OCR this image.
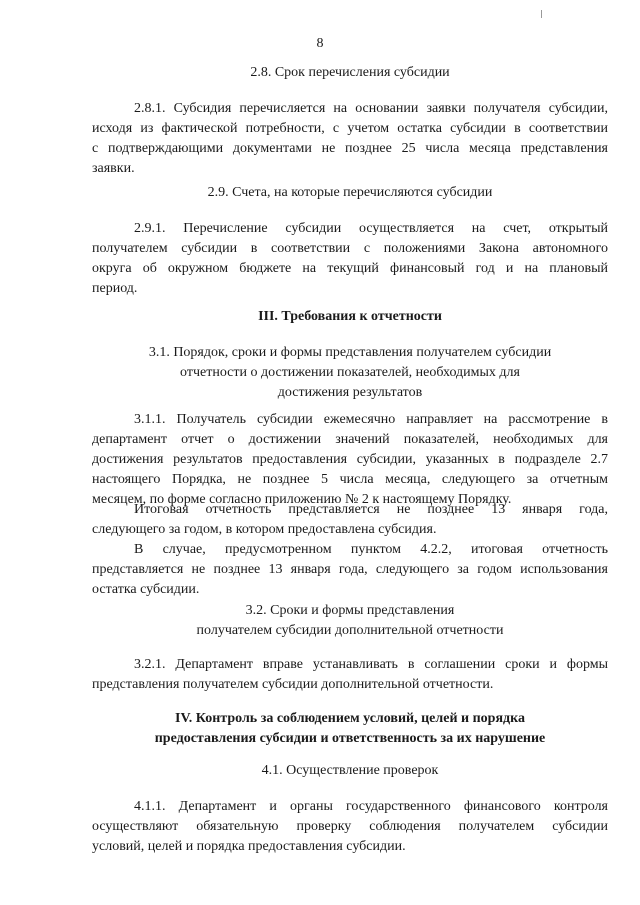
8
2.8. Срок перечисления субсидии
2.8.1. Субсидия перечисляется на основании заявки получателя субсидии,
исходя из фактической потребности, с учетом остатка субсидии в соответствии
с подтверждающими документами не позднее 25 числа месяца представления
заявки.
2.9. Счета, на которые перечисляются субсидии
2.9.1. Перечисление субсидии осуществляется на счет, открытый
получателем субсидии в соответствии с положениями Закона автономного
округа об окружном бюджете на текущий финансовый год и на плановый
период.
III. Требования к отчетности
3.1. Порядок, сроки и формы представления получателем субсидии
отчетности о достижении показателей, необходимых для
достижения результатов
3.1.1. Получатель субсидии ежемесячно направляет на рассмотрение в
департамент отчет о достижении значений показателей, необходимых для
достижения результатов предоставления субсидии, указанных в подразделе 2.7
настоящего Порядка, не позднее 5 числа месяца, следующего за отчетным
месяцем, по форме согласно приложению № 2 к настоящему Порядку.
Итоговая отчетность представляется не позднее 13 января года,
следующего за годом, в котором предоставлена субсидия.
В случае, предусмотренном пунктом 4.2.2, итоговая отчетность
представляется не позднее 13 января года, следующего за годом использования
остатка субсидии.
3.2. Сроки и формы представления
получателем субсидии дополнительной отчетности
3.2.1. Департамент вправе устанавливать в соглашении сроки и формы
представления получателем субсидии дополнительной отчетности.
IV. Контроль за соблюдением условий, целей и порядка
предоставления субсидии и ответственность за их нарушение
4.1. Осуществление проверок
4.1.1. Департамент и органы государственного финансового контроля
осуществляют обязательную проверку соблюдения получателем субсидии
условий, целей и порядка предоставления субсидии.
